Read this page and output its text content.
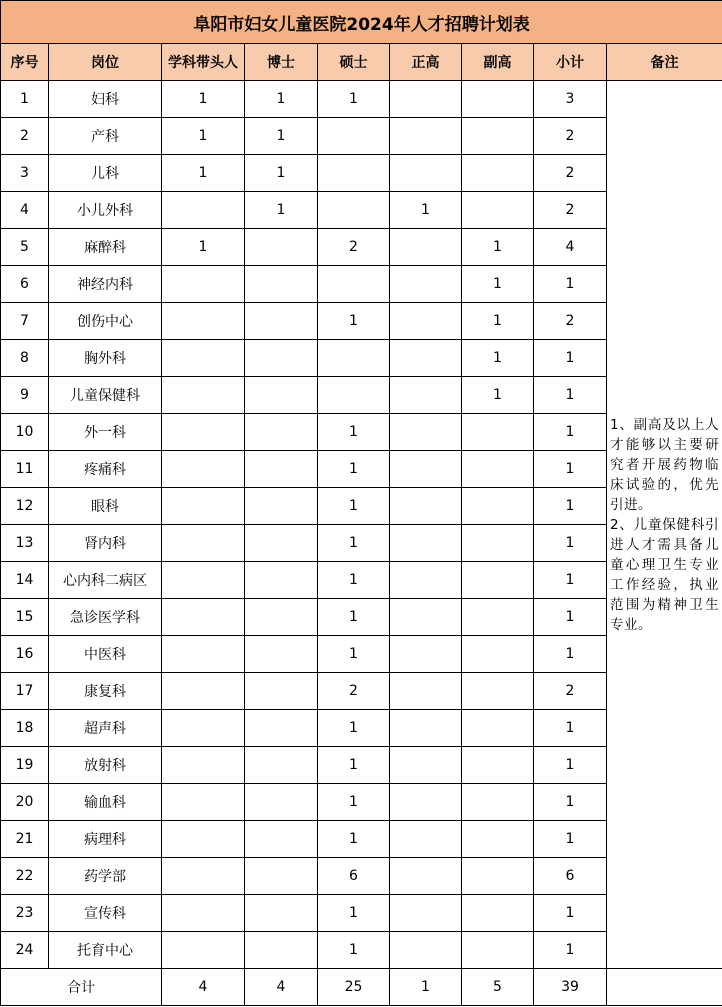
阜阳市妇女儿童医院2024年人才招聘计划表								
序号	岗位	学科带头人	博士	硕士	正高	副高	小计	备注
1	妇科	1	1	1			3	1、副高及以上人才能够以主要研究者开展药物临床试验的，优先引进。

2、儿童保健科引进人才需具备儿童心理卫生专业工作经验，执业范围为精神卫生专业。

2	产科	1	1				2	
3	儿科	1	1				2	
4	小儿外科		1		1		2	
5	麻醉科	1		2		1	4	
6	神经内科					1	1	
7	创伤中心			1		1	2	
8	胸外科					1	1	
9	儿童保健科					1	1	
10	外一科			1			1	
11	疼痛科			1			1	
12	眼科			1			1	
13	肾内科			1			1	
14	心内科二病区			1			1	
15	急诊医学科			1			1	
16	中医科			1			1	
17	康复科			2			2	
18	超声科			1			1	
19	放射科			1			1	
20	输血科			1			1	
21	病理科			1			1	
22	药学部			6			6	
23	宣传科			1			1	
24	托育中心			1			1	
合计		4	4	25	1	5	39	
